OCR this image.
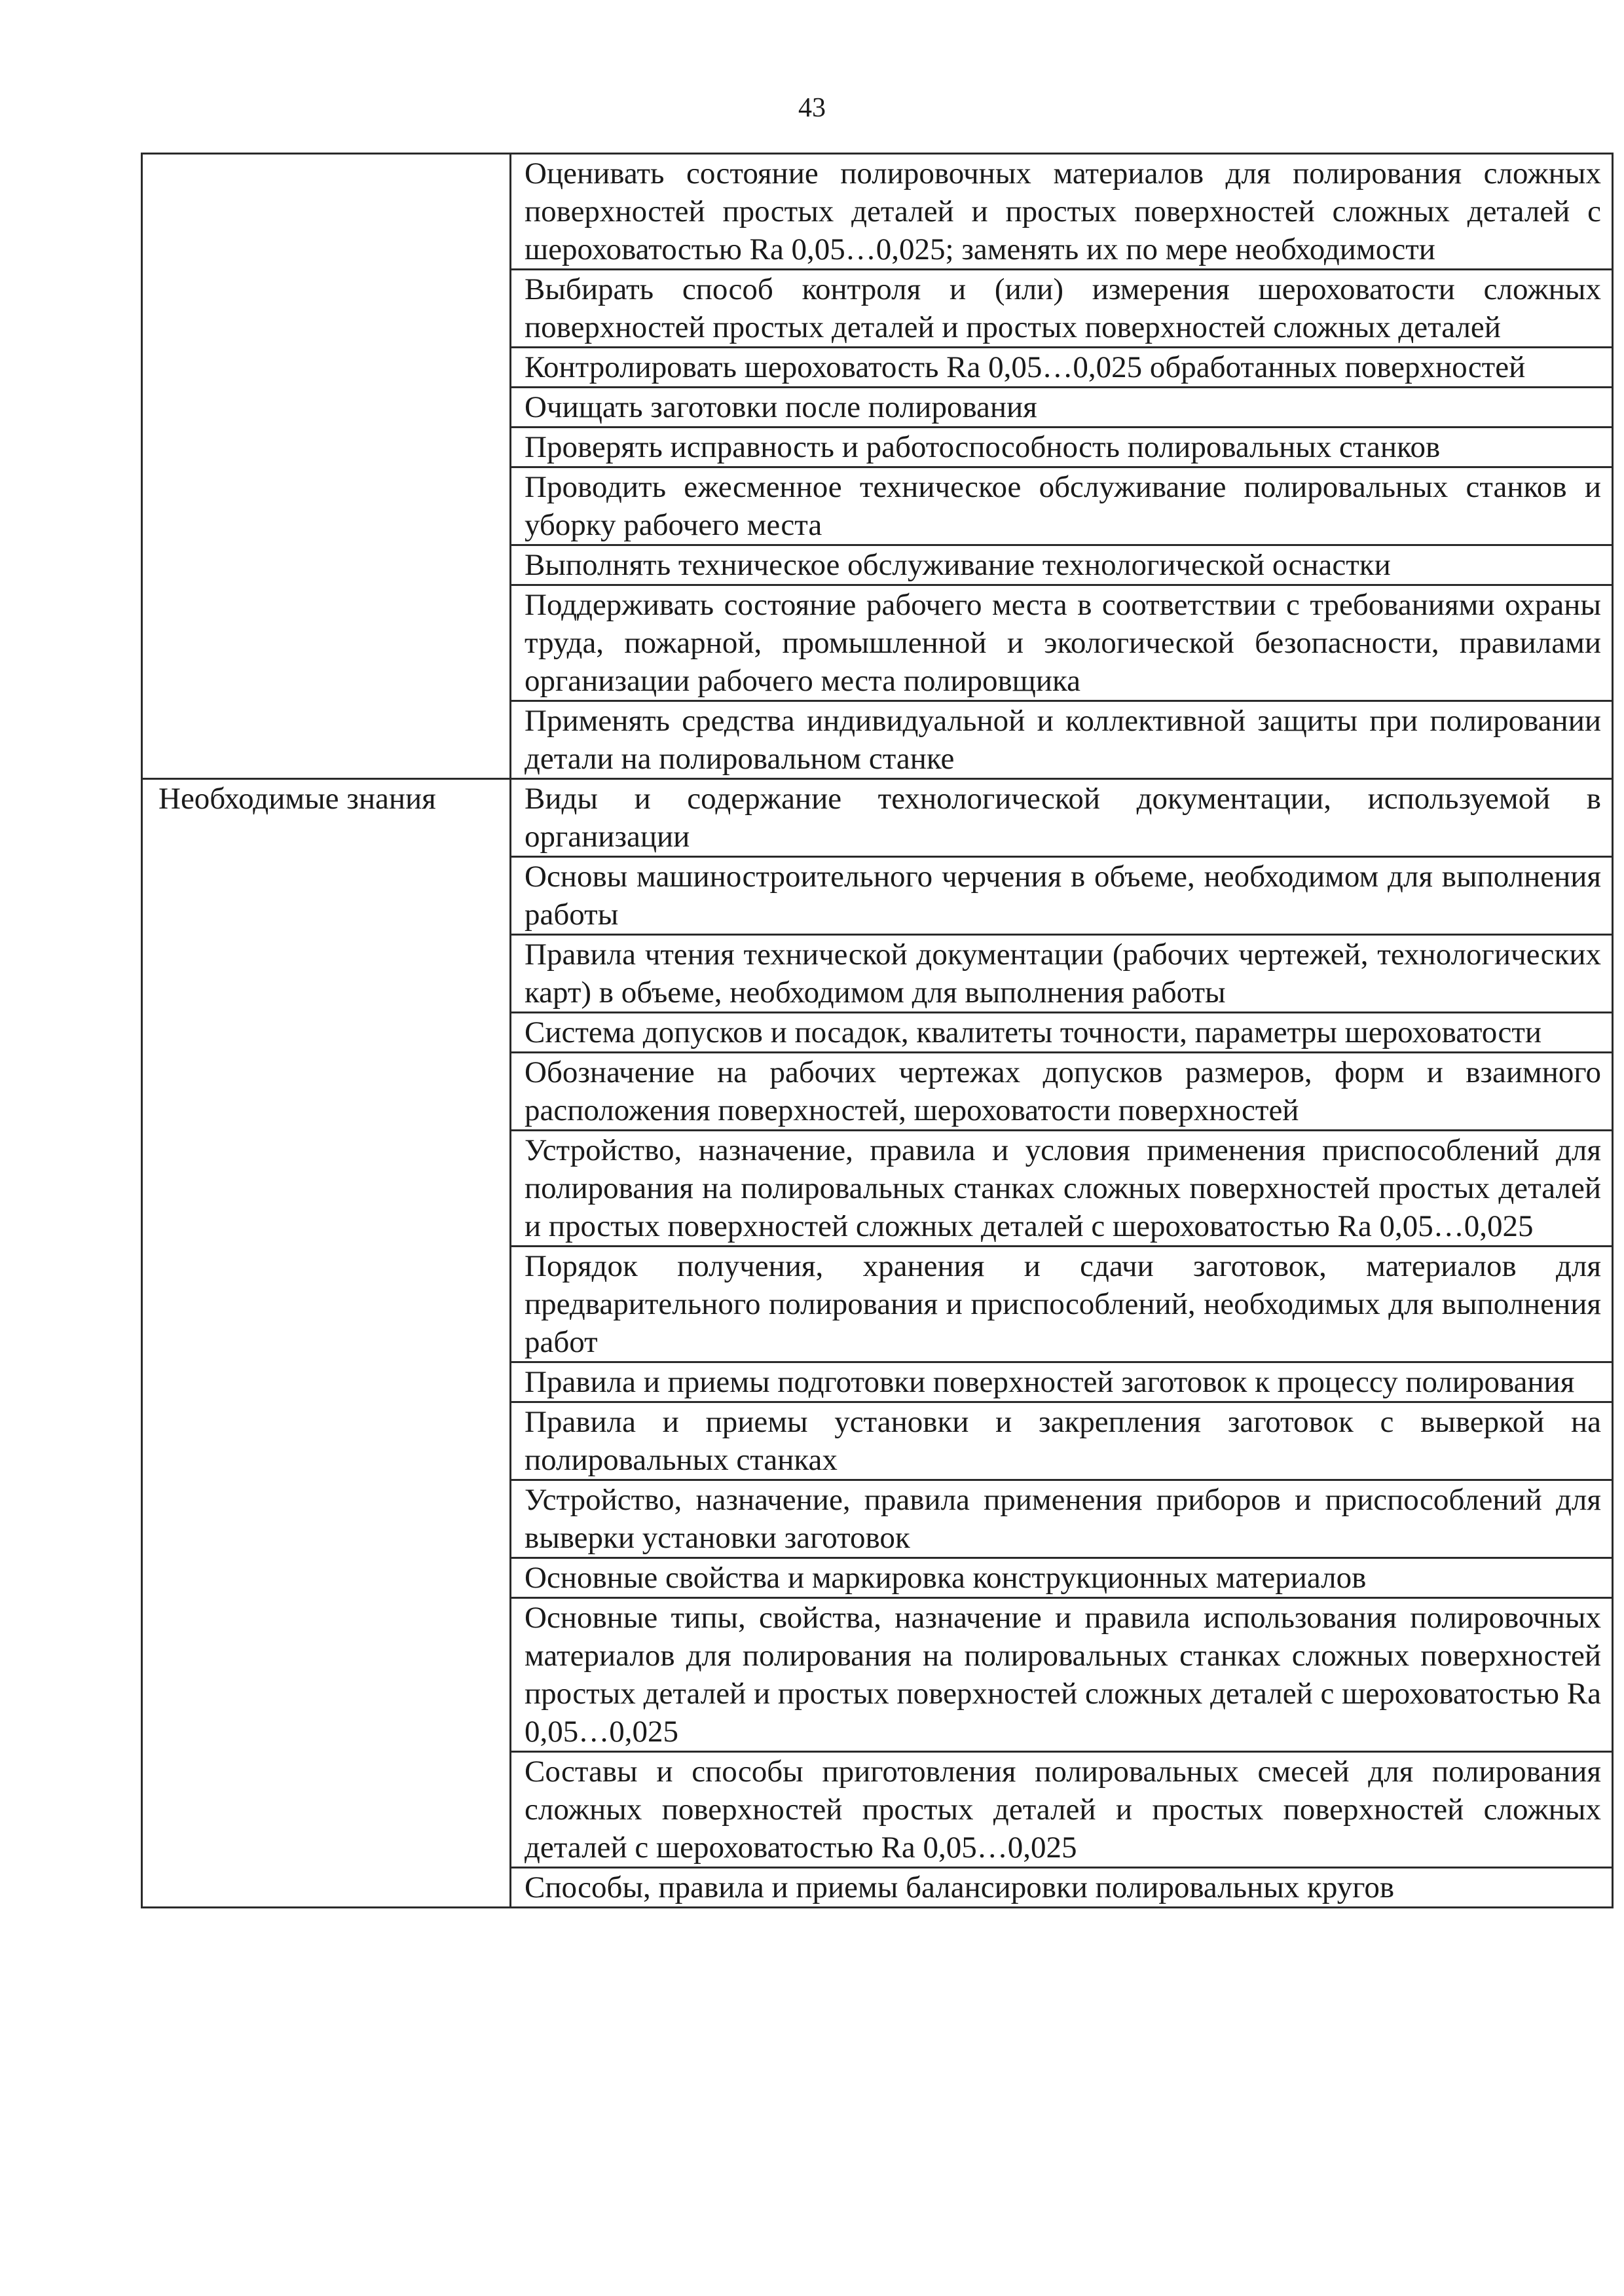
43
	Оценивать состояние полировочных материалов для полирования сложных поверхностей простых деталей и простых поверхностей сложных деталей с шероховатостью Ra 0,05…0,025; заменять их по мере необходимости
	Выбирать способ контроля и (или) измерения шероховатости сложных поверхностей простых деталей и простых поверхностей сложных деталей
	Контролировать шероховатость Ra 0,05…0,025 обработанных поверхностей
	Очищать заготовки после полирования
	Проверять исправность и работоспособность полировальных станков
	Проводить ежесменное техническое обслуживание полировальных станков и уборку рабочего места
	Выполнять техническое обслуживание технологической оснастки
	Поддерживать состояние рабочего места в соответствии с требованиями охраны труда, пожарной, промышленной и экологической безопасности, правилами организации рабочего места полировщика
	Применять средства индивидуальной и коллективной защиты при полировании детали на полировальном станке
Необходимые знания	Виды и содержание технологической документации, используемой в организации
	Основы машиностроительного черчения в объеме, необходимом для выполнения работы
	Правила чтения технической документации (рабочих чертежей, технологических карт) в объеме, необходимом для выполнения работы
	Система допусков и посадок, квалитеты точности, параметры шероховатости
	Обозначение на рабочих чертежах допусков размеров, форм и взаимного расположения поверхностей, шероховатости поверхностей
	Устройство, назначение, правила и условия применения приспособлений для полирования на полировальных станках сложных поверхностей простых деталей и простых поверхностей сложных деталей с шероховатостью Ra 0,05…0,025
	Порядок получения, хранения и сдачи заготовок, материалов для предварительного полирования и приспособлений, необходимых для выполнения работ
	Правила и приемы подготовки поверхностей заготовок к процессу полирования
	Правила и приемы установки и закрепления заготовок с выверкой на полировальных станках
	Устройство, назначение, правила применения приборов и приспособлений для выверки установки заготовок
	Основные свойства и маркировка конструкционных материалов
	Основные типы, свойства, назначение и правила использования полировочных материалов для полирования на полировальных станках сложных поверхностей простых деталей и простых поверхностей сложных деталей с шероховатостью Ra 0,05…0,025
	Составы и способы приготовления полировальных смесей для полирования сложных поверхностей простых деталей и простых поверхностей сложных деталей с шероховатостью Ra 0,05…0,025
	Способы, правила и приемы балансировки полировальных кругов
